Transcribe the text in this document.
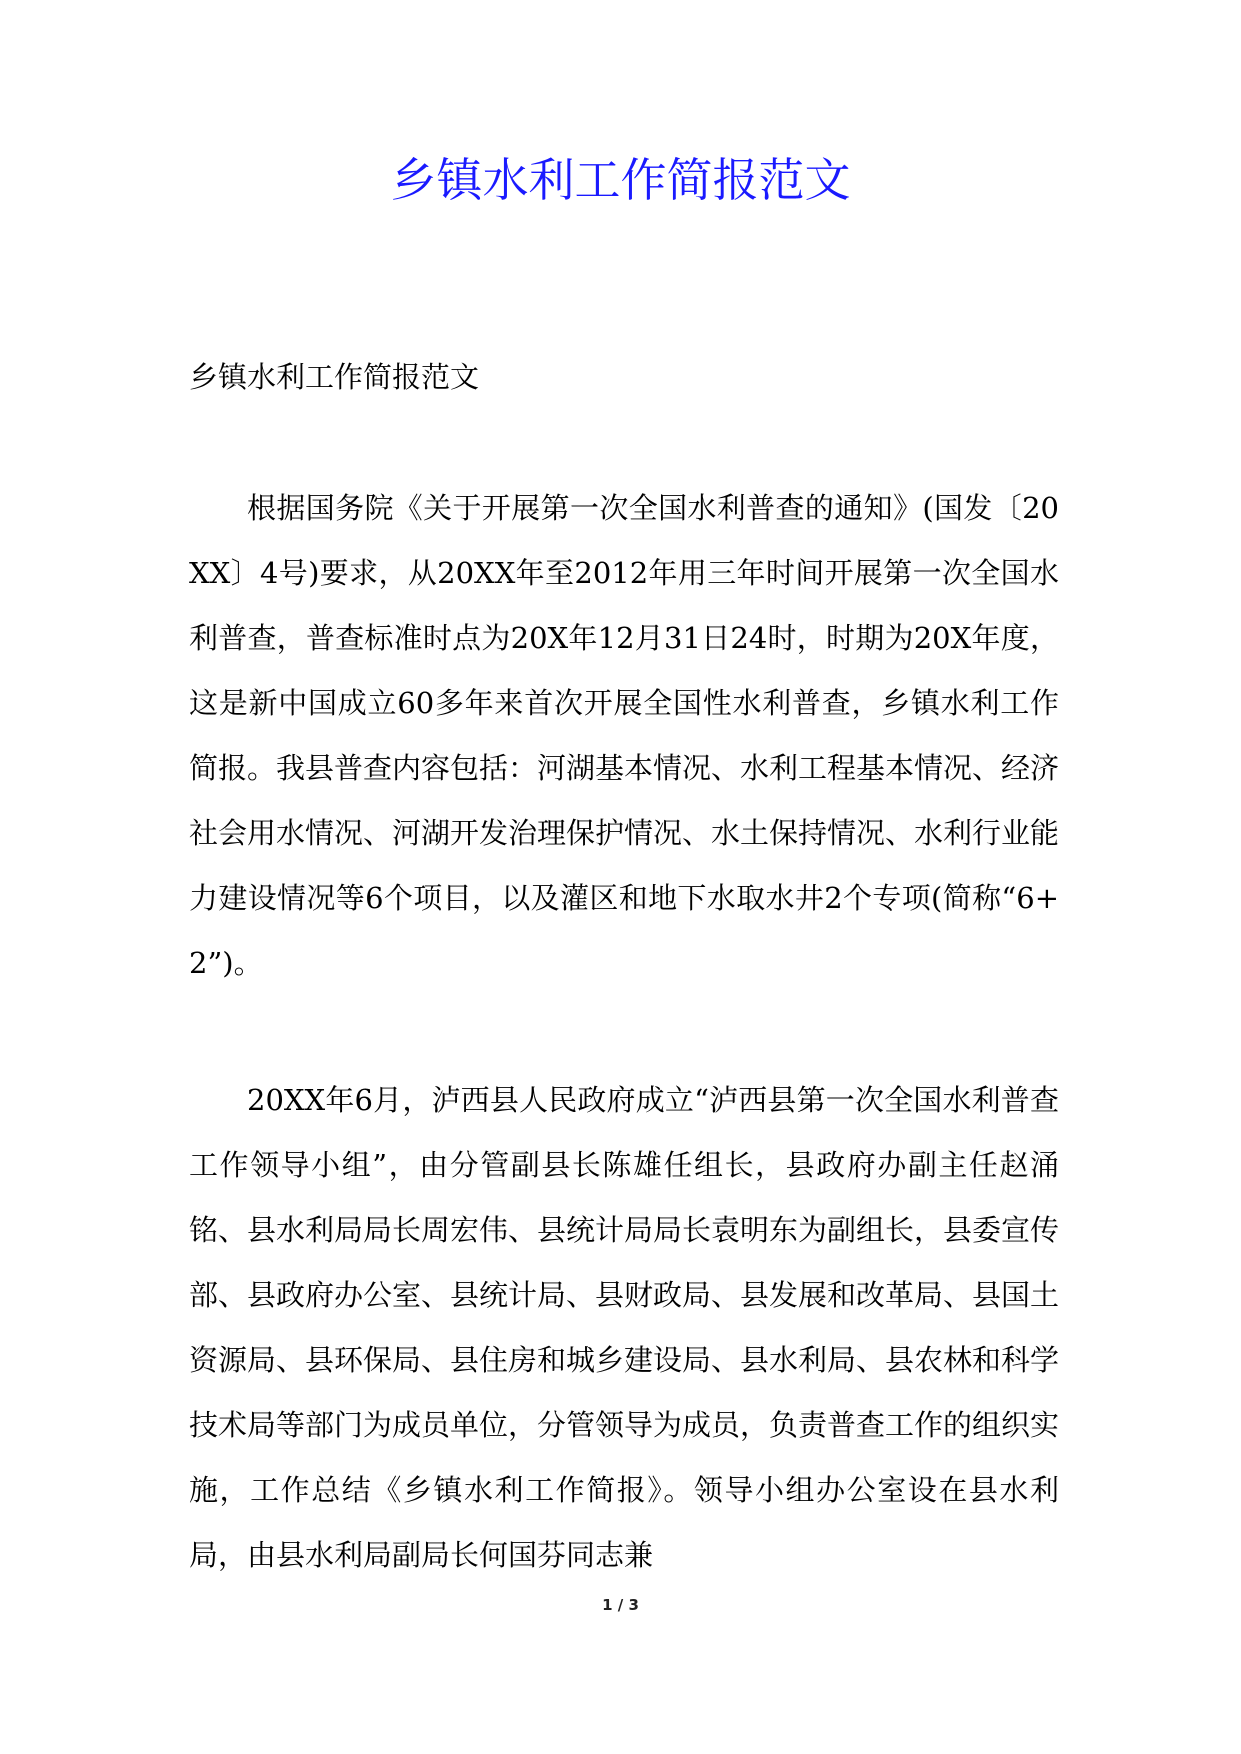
乡镇水利工作简报范文

乡镇水利工作简报范文

根据国务院《关于开展第一次全国水利普查的通知》(国发〔20XX〕4号)要求，从20XX年至2012年用三年时间开展第一次全国水利普查，普查标准时点为20X年12月31日24时，时期为20X年度，这是新中国成立60多年来首次开展全国性水利普查，乡镇水利工作简报。我县普查内容包括：河湖基本情况、水利工程基本情况、经济社会用水情况、河湖开发治理保护情况、水土保持情况、水利行业能力建设情况等6个项目，以及灌区和地下水取水井2个专项(简称“6+2”)。

20XX年6月，泸西县人民政府成立“泸西县第一次全国水利普查工作领导小组”，由分管副县长陈雄任组长，县政府办副主任赵涌铭、县水利局局长周宏伟、县统计局局长袁明东为副组长，县委宣传部、县政府办公室、县统计局、县财政局、县发展和改革局、县国土资源局、县环保局、县住房和城乡建设局、县水利局、县农林和科学技术局等部门为成员单位，分管领导为成员，负责普查工作的组织实施，工作总结《乡镇水利工作简报》。领导小组办公室设在县水利局，由县水利局副局长何国芬同志兼

1 / 3
